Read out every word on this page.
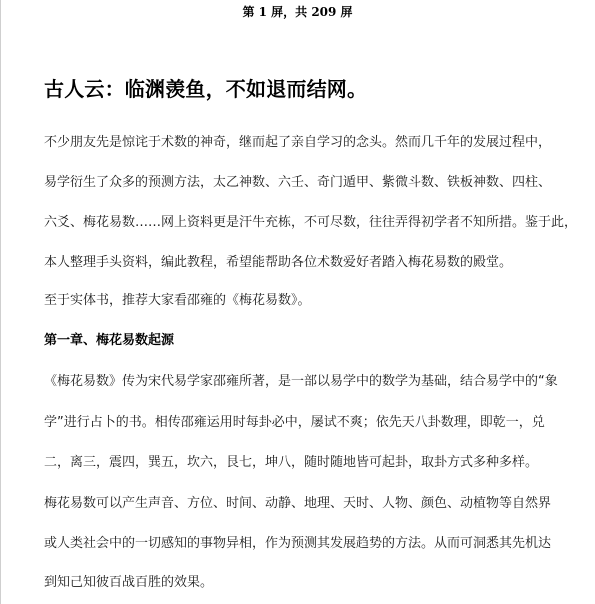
第 1 屏，共 209 屏
古人云：临渊羡鱼，不如退而结网。
不少朋友先是惊诧于术数的神奇，继而起了亲自学习的念头。然而几千年的发展过程中，
易学衍生了众多的预测方法，太乙神数、六壬、奇门遁甲、紫微斗数、铁板神数、四柱、
六爻、梅花易数……网上资料更是汗牛充栋，不可尽数，往往弄得初学者不知所措。鉴于此，
本人整理手头资料，编此教程，希望能帮助各位术数爱好者踏入梅花易数的殿堂。
至于实体书，推荐大家看邵雍的《梅花易数》。
第一章、梅花易数起源
《梅花易数》传为宋代易学家邵雍所著，是一部以易学中的数学为基础，结合易学中的“象
学”进行占卜的书。相传邵雍运用时每卦必中，屡试不爽；依先天八卦数理，即乾一，兑
二，离三，震四，巽五，坎六，艮七，坤八，随时随地皆可起卦，取卦方式多种多样。
梅花易数可以产生声音、方位、时间、动静、地理、天时、人物、颜色、动植物等自然界
或人类社会中的一切感知的事物异相，作为预测其发展趋势的方法。从而可洞悉其先机达
到知己知彼百战百胜的效果。
